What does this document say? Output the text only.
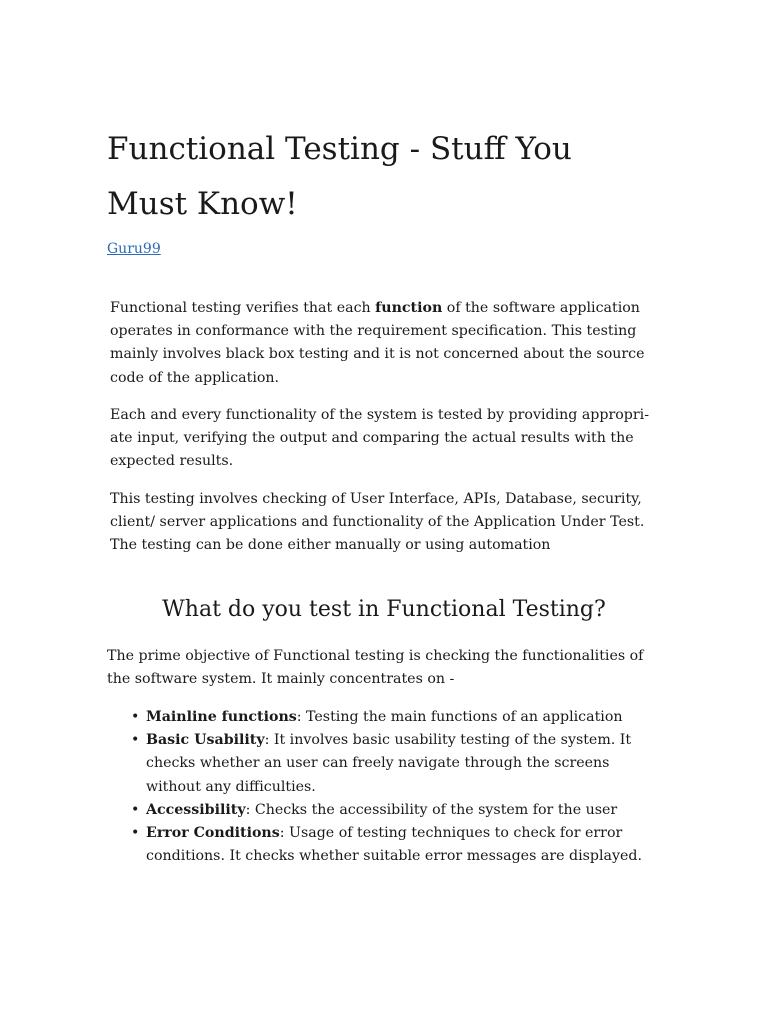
Functional Testing - Stuff You Must Know!
Guru99

Functional testing verifies that each function of the software application operates in conformance with the requirement specification. This testing mainly involves black box testing and it is not concerned about the source code of the application.

Each and every functionality of the system is tested by providing appropri-ate input, verifying the output and comparing the actual results with the expected results.

This testing involves checking of User Interface, APIs, Database, security, client/ server applications and functionality of the Application Under Test. The testing can be done either manually or using automation

What do you test in Functional Testing?

The prime objective of Functional testing is checking the functionalities of the software system. It mainly concentrates on -

• Mainline functions: Testing the main functions of an application
• Basic Usability: It involves basic usability testing of the system. It checks whether an user can freely navigate through the screens without any difficulties.
• Accessibility: Checks the accessibility of the system for the user
• Error Conditions: Usage of testing techniques to check for error conditions. It checks whether suitable error messages are displayed.
